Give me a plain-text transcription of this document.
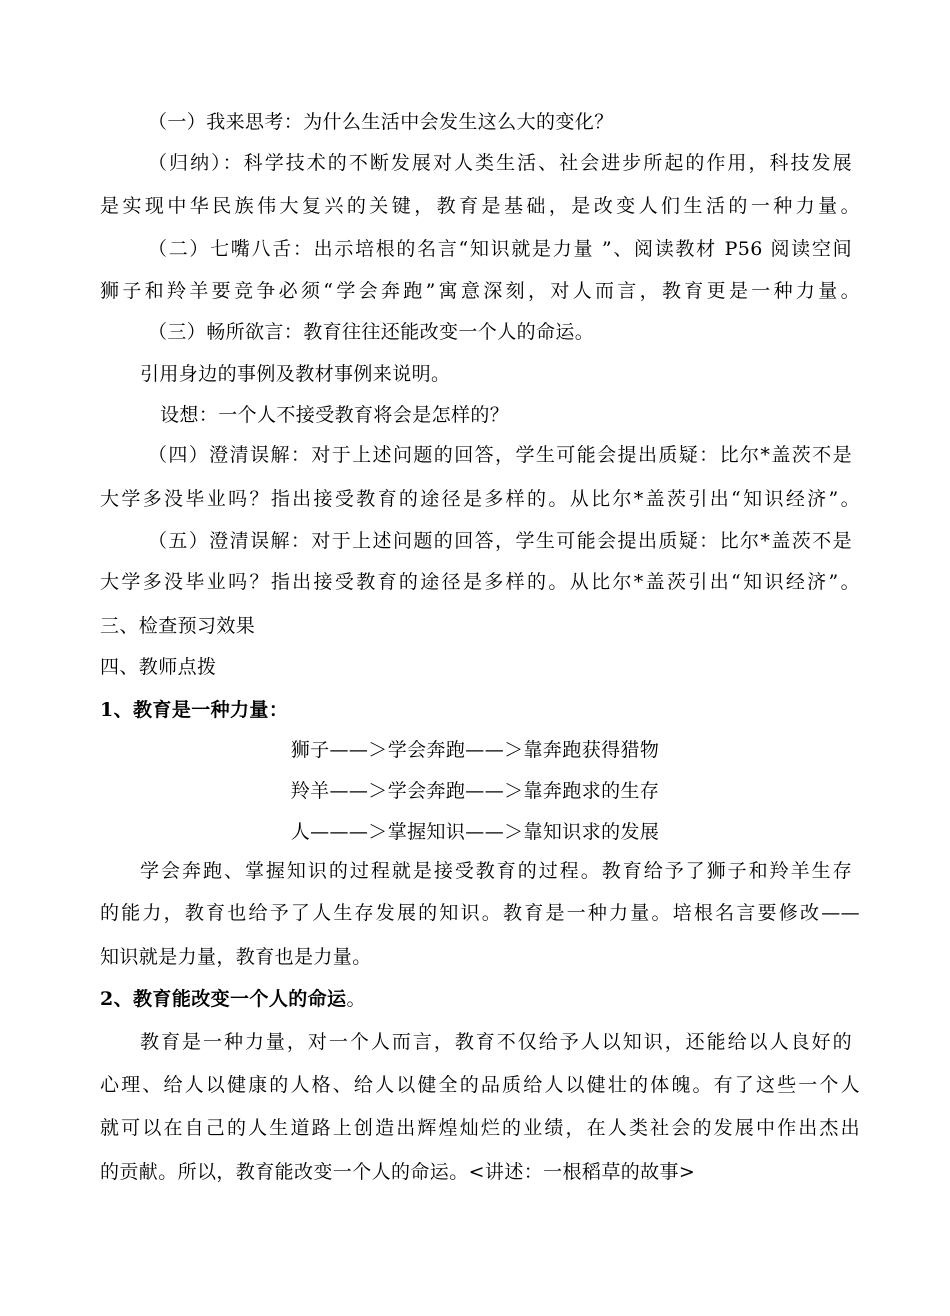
（一）我来思考：为什么生活中会发生这么大的变化？
（归纳）：科学技术的不断发展对人类生活、社会进步所起的作用，科技发展
是实现中华民族伟大复兴的关键，教育是基础，是改变人们生活的一种力量。
（二）七嘴八舌：出示培根的名言“知识就是力量 ”、阅读教材 P56 阅读空间
狮子和羚羊要竞争必须“学会奔跑”寓意深刻，对人而言，教育更是一种力量。
（三）畅所欲言：教育往往还能改变一个人的命运。
引用身边的事例及教材事例来说明。
设想：一个人不接受教育将会是怎样的？
（四）澄清误解：对于上述问题的回答，学生可能会提出质疑：比尔*盖茨不是
大学多没毕业吗？指出接受教育的途径是多样的。从比尔*盖茨引出“知识经济”。
（五）澄清误解：对于上述问题的回答，学生可能会提出质疑：比尔*盖茨不是
大学多没毕业吗？指出接受教育的途径是多样的。从比尔*盖茨引出“知识经济”。
三、检查预习效果
四、教师点拨
1、教育是一种力量：
狮子——＞学会奔跑——＞靠奔跑获得猎物
羚羊——＞学会奔跑——＞靠奔跑求的生存
人———＞掌握知识——＞靠知识求的发展
学会奔跑、掌握知识的过程就是接受教育的过程。教育给予了狮子和羚羊生存
的能力，教育也给予了人生存发展的知识。教育是一种力量。培根名言要修改——
知识就是力量，教育也是力量。
2、教育能改变一个人的命运。
教育是一种力量，对一个人而言，教育不仅给予人以知识，还能给以人良好的
心理、给人以健康的人格、给人以健全的品质给人以健壮的体魄。有了这些一个人
就可以在自己的人生道路上创造出辉煌灿烂的业绩，在人类社会的发展中作出杰出
的贡献。所以，教育能改变一个人的命运。<讲述：一根稻草的故事>
